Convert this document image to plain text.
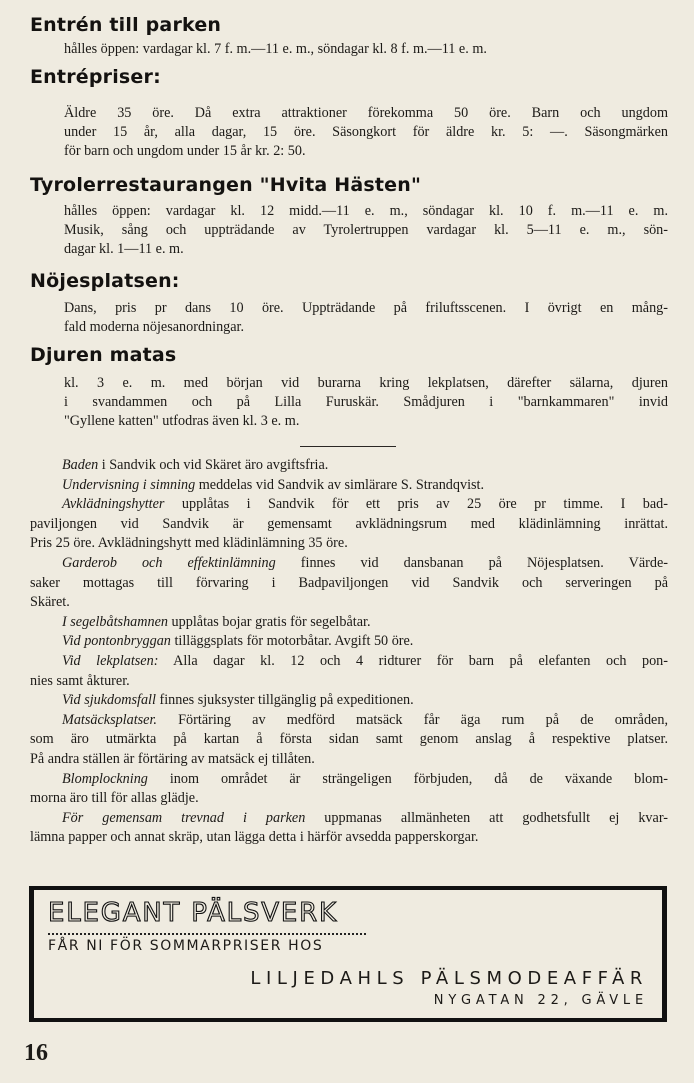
Entrén till parken
hålles öppen: vardagar kl. 7 f. m.—11 e. m., söndagar kl. 8 f. m.—11 e. m.
Entrépriser:
Äldre 35 öre. Då extra attraktioner förekomma 50 öre. Barn och ungdom
under 15 år, alla dagar, 15 öre. Säsongkort för äldre kr. 5: —. Säsongmärken
för barn och ungdom under 15 år kr. 2: 50.
Tyrolerrestaurangen "Hvita Hästen"
hålles öppen: vardagar kl. 12 midd.—11 e. m., söndagar kl. 10 f. m.—11 e. m.
Musik, sång och uppträdande av Tyrolertruppen vardagar kl. 5—11 e. m., sön-
dagar kl. 1—11 e. m.
Nöjesplatsen:
Dans, pris pr dans 10 öre. Uppträdande på friluftsscenen. I övrigt en mång-
fald moderna nöjesanordningar.
Djuren matas
kl. 3 e. m. med början vid burarna kring lekplatsen, därefter sälarna, djuren
i svandammen och på Lilla Furuskär. Smådjuren i "barnkammaren" invid
"Gyllene katten" utfodras även kl. 3 e. m.
Baden i Sandvik och vid Skäret äro avgiftsfria.
Undervisning i simning meddelas vid Sandvik av simlärare S. Strandqvist.
Avklädningshytter upplåtas i Sandvik för ett pris av 25 öre pr timme. I bad-
paviljongen vid Sandvik är gemensamt avklädningsrum med klädinlämning inrättat.
Pris 25 öre. Avklädningshytt med klädinlämning 35 öre.
Garderob och effektinlämning finnes vid dansbanan på Nöjesplatsen. Värde-
saker mottagas till förvaring i Badpaviljongen vid Sandvik och serveringen på
Skäret.
I segelbåtshamnen upplåtas bojar gratis för segelbåtar.
Vid pontonbryggan tilläggsplats för motorbåtar. Avgift 50 öre.
Vid lekplatsen: Alla dagar kl. 12 och 4 ridturer för barn på elefanten och pon-
nies samt åkturer.
Vid sjukdomsfall finnes sjuksyster tillgänglig på expeditionen.
Matsäcksplatser. Förtäring av medförd matsäck får äga rum på de områden,
som äro utmärkta på kartan å första sidan samt genom anslag å respektive platser.
På andra ställen är förtäring av matsäck ej tillåten.
Blomplockning inom området är strängeligen förbjuden, då de växande blom-
morna äro till för allas glädje.
För gemensam trevnad i parken uppmanas allmänheten att godhetsfullt ej kvar-
lämna papper och annat skräp, utan lägga detta i härför avsedda papperskorgar.
ELEGANT PÄLSVERK
FÅR NI FÖR SOMMARPRISER HOS
LILJEDAHLS PÄLSMODEAFFÄR
NYGATAN 22, GÄVLE
16
